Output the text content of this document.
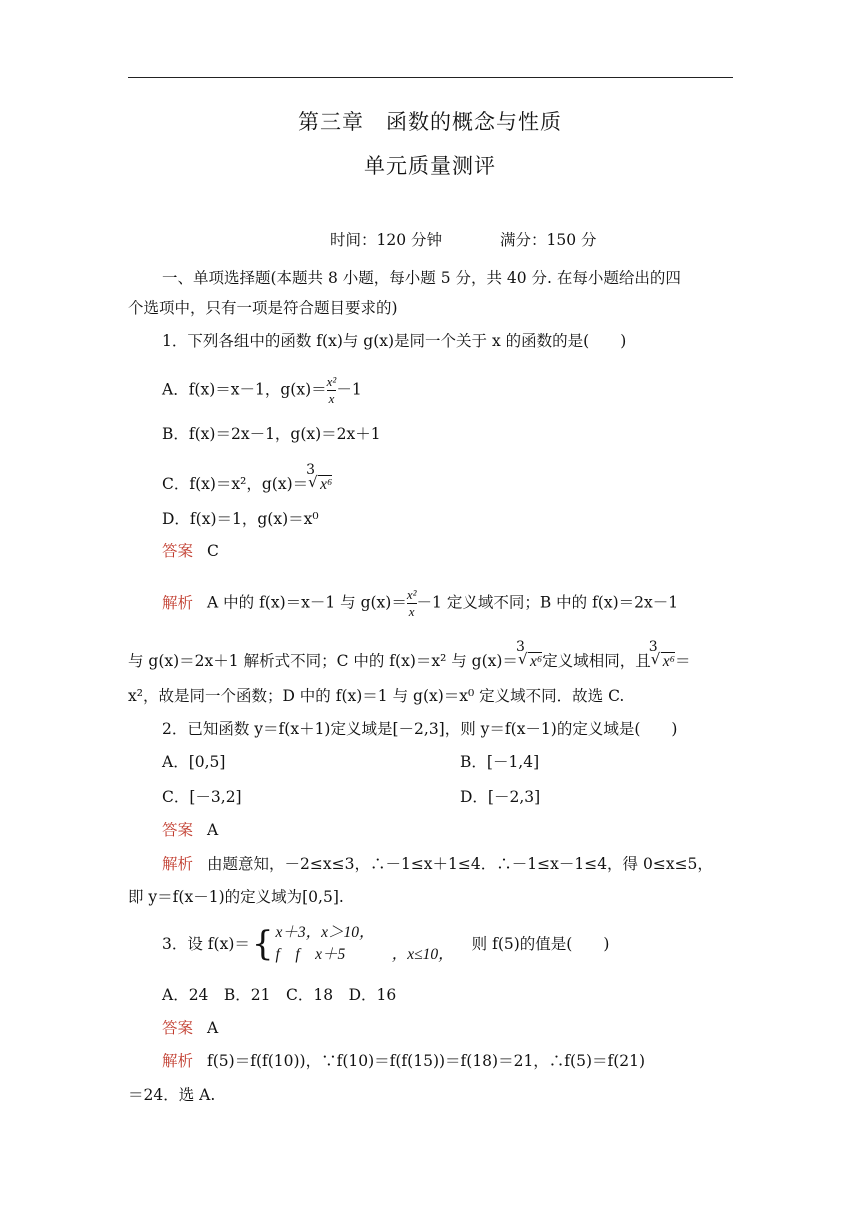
第三章　函数的概念与性质
单元质量测评
时间：120 分钟	满分：150 分
一、单项选择题(本题共 8 小题，每小题 5 分，共 40 分. 在每小题给出的四
个选项中，只有一项是符合题目要求的)
1．下列各组中的函数 f(x)与 g(x)是同一个关于 x 的函数的是(　　)
A．f(x)＝x－1，$g(x)= \frac{\text{x²}}{x} -1$
B．f(x)＝2x－1，g(x)＝2x＋1
C．f(x)＝x²，g(x)＝
√ 3
x⁶
D．f(x)＝1，g(x)＝x⁰
答案 C
解析 A 中的 f(x)＝x－1 与 $g(x)= \frac{\text{x²}}{x} -1$ 定义域不同；B 中的 f(x)＝2x－1
与 g(x)＝2x＋1 解析式不同；C 中的 f(x)＝x² 与 g(x)＝
√ 3
x⁶定义域相同，且
√ 3
x⁶＝
x²，故是同一个函数；D 中的 f(x)＝1 与 g(x)＝x⁰ 定义域不同．故选 C.
2．已知函数 y＝f(x＋1)定义域是[－2,3]，则 y＝f(x－1)的定义域是(　　)
A．[0,5]	B．[－1,4]
C．[－3,2]	D．[－2,3]
答案 A
解析 由题意知，－2≤x≤3，∴－1≤x＋1≤4．∴－1≤x－1≤4，得 0≤x≤5，
即 y＝f(x－1)的定义域为[0,5].
3．设 f(x)＝{ x＋3，x＞10，
f　f　x＋5　　　，x≤10，
则 f(5)的值是(　　)
A．24　B．21　C．18　D．16
答案 A
解析 f(5)＝f(f(10))，∵f(10)＝f(f(15))＝f(18)＝21，∴f(5)＝f(21)
＝24．选 A.
